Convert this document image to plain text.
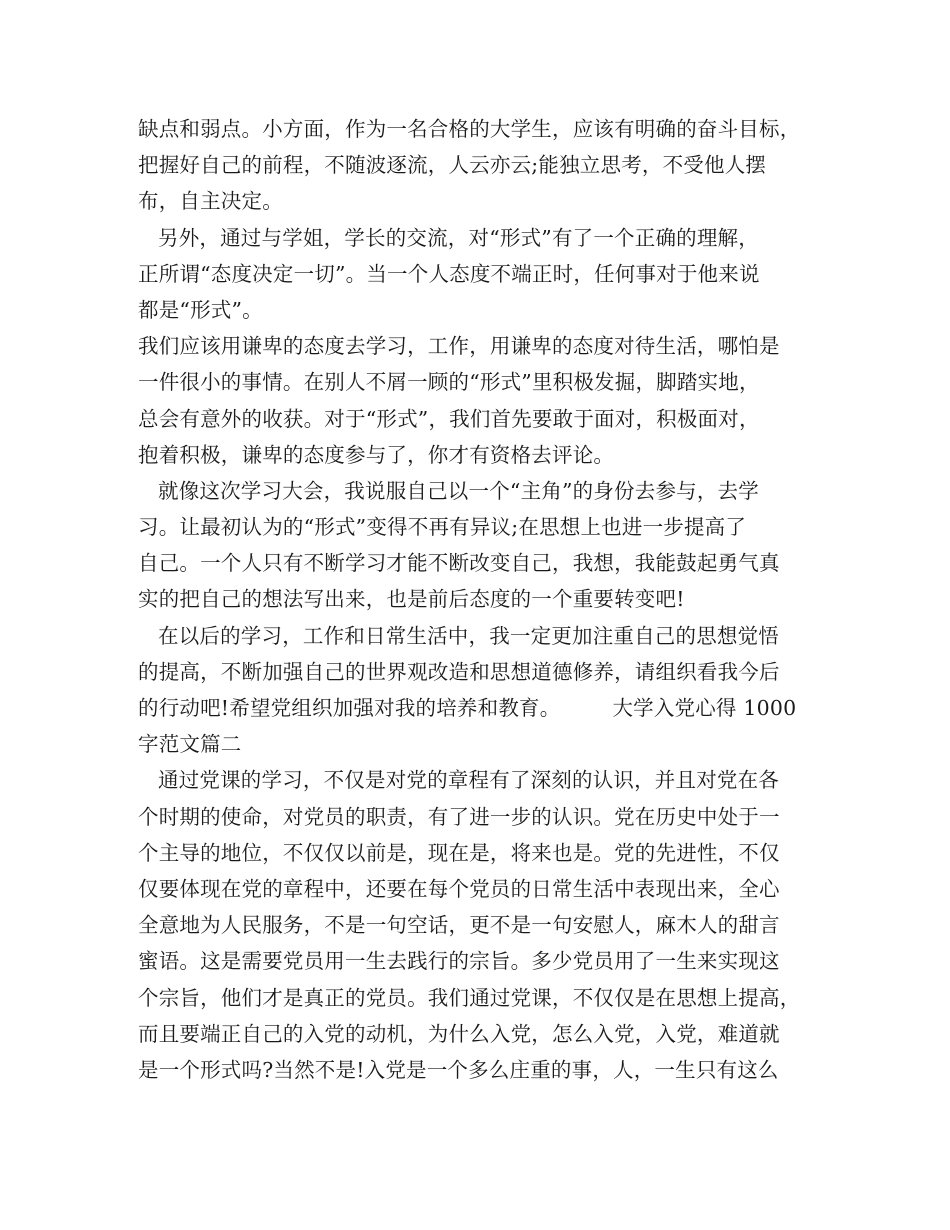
缺点和弱点。小方面，作为一名合格的大学生，应该有明确的奋斗目标，
把握好自己的前程，不随波逐流，人云亦云;能独立思考，不受他人摆
布，自主决定。
另外，通过与学姐，学长的交流，对“形式”有了一个正确的理解，
正所谓“态度决定一切”。当一个人态度不端正时，任何事对于他来说
都是“形式”。
我们应该用谦卑的态度去学习，工作，用谦卑的态度对待生活，哪怕是
一件很小的事情。在别人不屑一顾的“形式”里积极发掘，脚踏实地，
总会有意外的收获。对于“形式”，我们首先要敢于面对，积极面对，
抱着积极，谦卑的态度参与了，你才有资格去评论。
就像这次学习大会，我说服自己以一个“主角”的身份去参与，去学
习。让最初认为的“形式”变得不再有异议;在思想上也进一步提高了
自己。一个人只有不断学习才能不断改变自己，我想，我能鼓起勇气真
实的把自己的想法写出来，也是前后态度的一个重要转变吧!
在以后的学习，工作和日常生活中，我一定更加注重自己的思想觉悟
的提高，不断加强自己的世界观改造和思想道德修养，请组织看我今后
的行动吧!希望党组织加强对我的培养和教育。	大学入党心得 1000
字范文篇二
通过党课的学习，不仅是对党的章程有了深刻的认识，并且对党在各
个时期的使命，对党员的职责，有了进一步的认识。党在历史中处于一
个主导的地位，不仅仅以前是，现在是，将来也是。党的先进性，不仅
仅要体现在党的章程中，还要在每个党员的日常生活中表现出来，全心
全意地为人民服务，不是一句空话，更不是一句安慰人，麻木人的甜言
蜜语。这是需要党员用一生去践行的宗旨。多少党员用了一生来实现这
个宗旨，他们才是真正的党员。我们通过党课，不仅仅是在思想上提高，
而且要端正自己的入党的动机，为什么入党，怎么入党，入党，难道就
是一个形式吗?当然不是!入党是一个多么庄重的事，人，一生只有这么
